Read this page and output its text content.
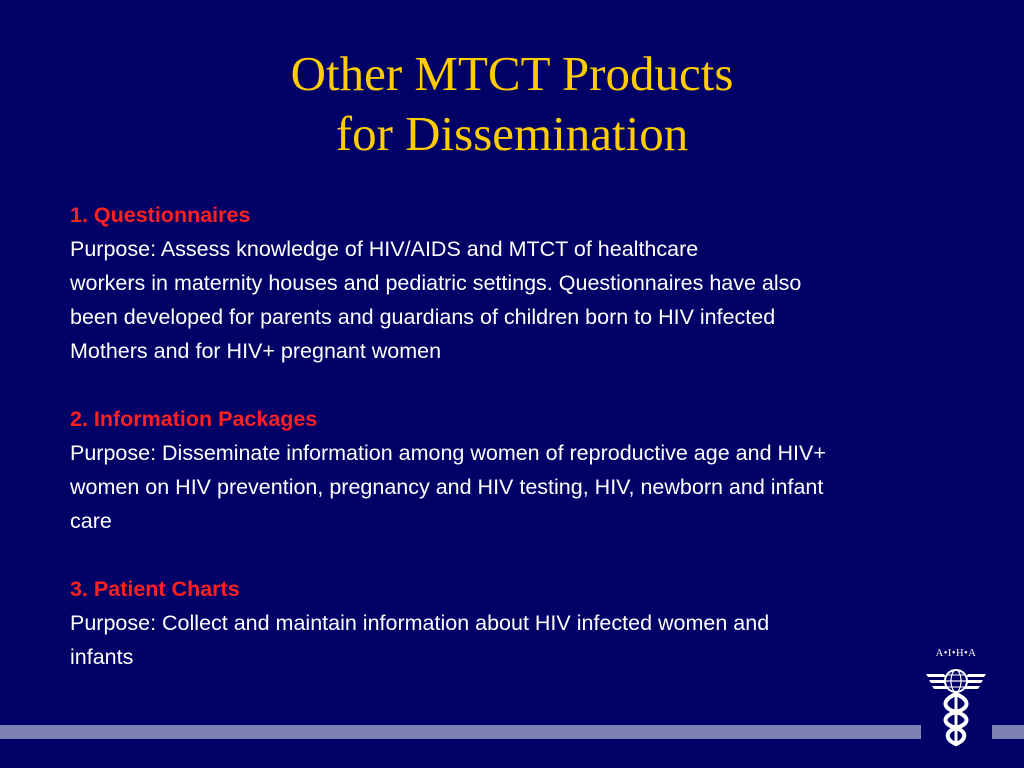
Other MTCT Products
for Dissemination
1. Questionnaires
Purpose: Assess knowledge of HIV/AIDS and MTCT of healthcare
workers in maternity houses and pediatric settings. Questionnaires have also
been developed for parents and guardians of children born to HIV infected
Mothers and for HIV+ pregnant women
2. Information Packages
Purpose: Disseminate information among women of reproductive age and HIV+
women on HIV prevention, pregnancy and HIV testing, HIV, newborn and infant
care
3. Patient Charts
Purpose: Collect and maintain information about HIV infected women and
infants	A•I•H•A
